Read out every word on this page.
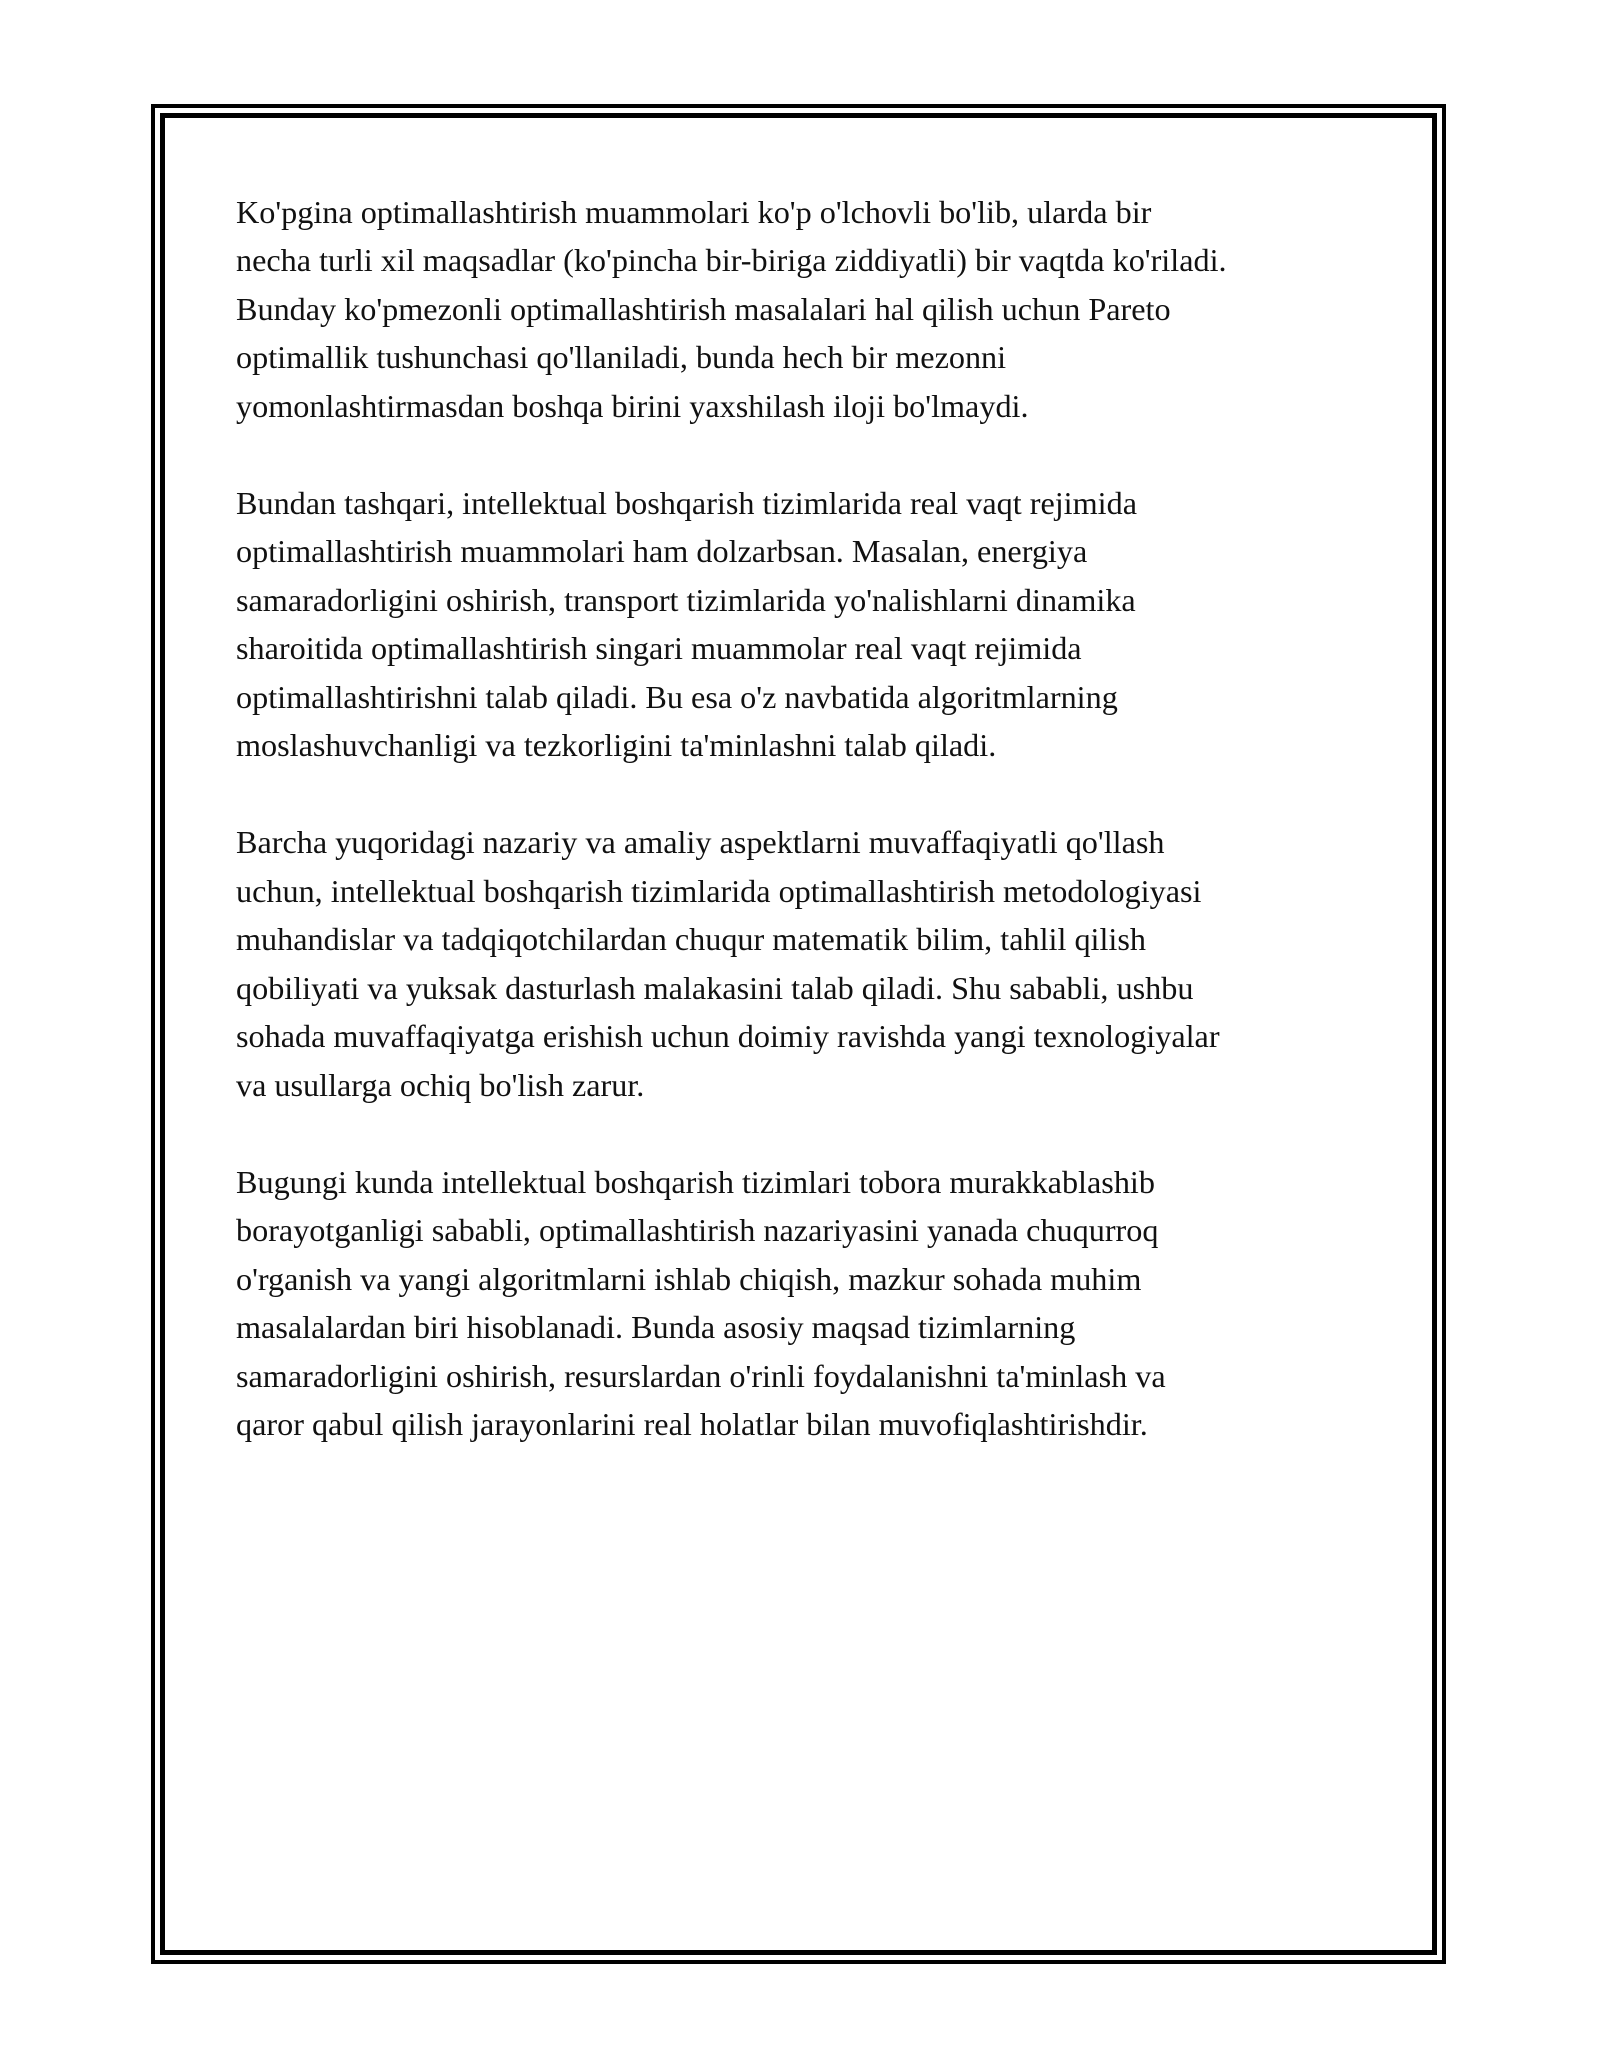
Ko'pgina optimallashtirish muammolari ko'p o'lchovli bo'lib, ularda bir
necha turli xil maqsadlar (ko'pincha bir-biriga ziddiyatli) bir vaqtda ko'riladi.
Bunday ko'pmezonli optimallashtirish masalalari hal qilish uchun Pareto
optimallik tushunchasi qo'llaniladi, bunda hech bir mezonni
yomonlashtirmasdan boshqa birini yaxshilash iloji bo'lmaydi.

Bundan tashqari, intellektual boshqarish tizimlarida real vaqt rejimida
optimallashtirish muammolari ham dolzarbsan. Masalan, energiya
samaradorligini oshirish, transport tizimlarida yo'nalishlarni dinamika
sharoitida optimallashtirish singari muammolar real vaqt rejimida
optimallashtirishni talab qiladi. Bu esa o'z navbatida algoritmlarning
moslashuvchanligi va tezkorligini ta'minlashni talab qiladi.

Barcha yuqoridagi nazariy va amaliy aspektlarni muvaffaqiyatli qo'llash
uchun, intellektual boshqarish tizimlarida optimallashtirish metodologiyasi
muhandislar va tadqiqotchilardan chuqur matematik bilim, tahlil qilish
qobiliyati va yuksak dasturlash malakasini talab qiladi. Shu sababli, ushbu
sohada muvaffaqiyatga erishish uchun doimiy ravishda yangi texnologiyalar
va usullarga ochiq bo'lish zarur.

Bugungi kunda intellektual boshqarish tizimlari tobora murakkablashib
borayotganligi sababli, optimallashtirish nazariyasini yanada chuqurroq
o'rganish va yangi algoritmlarni ishlab chiqish, mazkur sohada muhim
masalalardan biri hisoblanadi. Bunda asosiy maqsad tizimlarning
samaradorligini oshirish, resurslardan o'rinli foydalanishni ta'minlash va
qaror qabul qilish jarayonlarini real holatlar bilan muvofiqlashtirishdir.
